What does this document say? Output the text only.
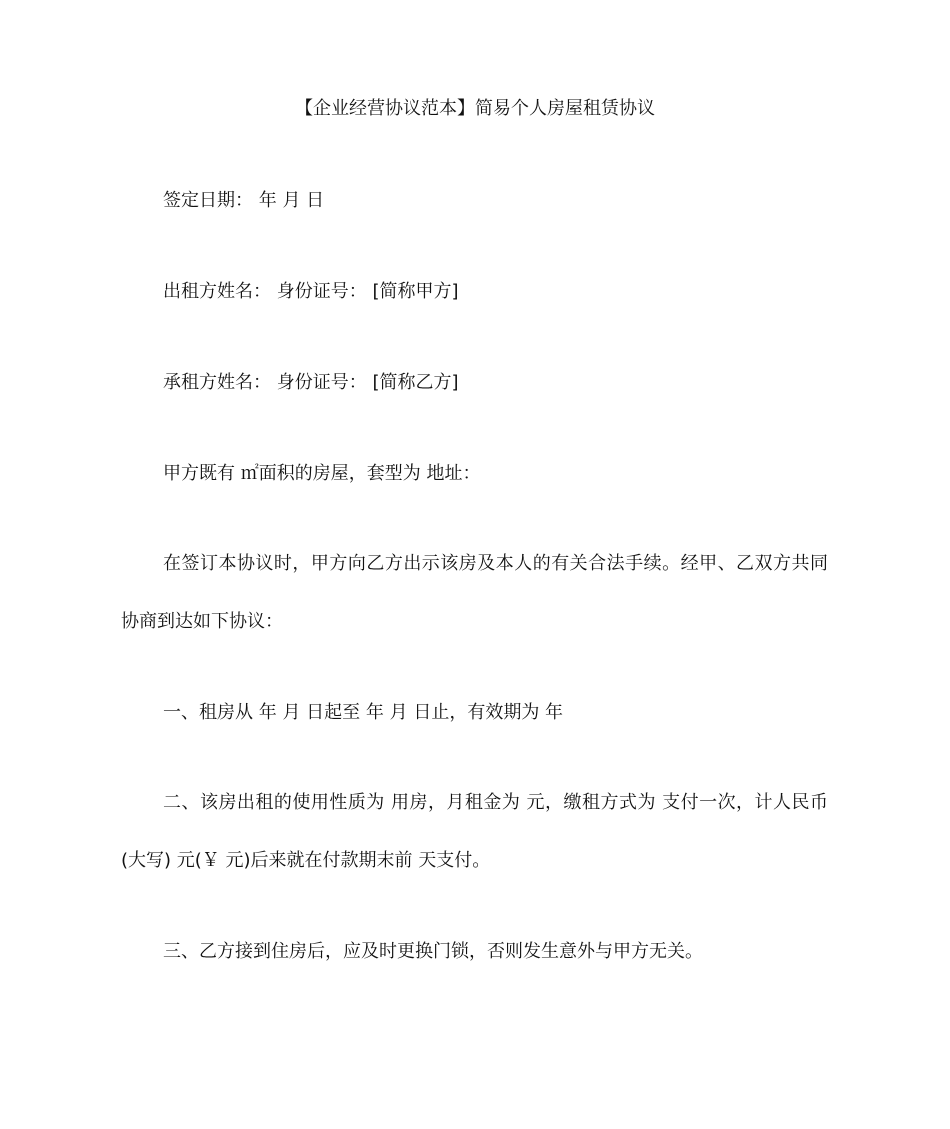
【企业经营协议范本】简易个人房屋租赁协议
签定日期： 年 月 日
出租方姓名： 身份证号： [简称甲方]
承租方姓名： 身份证号： [简称乙方]
甲方既有 ㎡面积的房屋，套型为 地址：
在签订本协议时，甲方向乙方出示该房及本人的有关合法手续。经甲、乙双方共同
协商到达如下协议：
一、租房从 年 月 日起至 年 月 日止，有效期为 年
二、该房出租的使用性质为 用房，月租金为 元，缴租方式为 支付一次，计人民币
(大写) 元(￥ 元)后来就在付款期末前 天支付。
三、乙方接到住房后，应及时更换门锁，否则发生意外与甲方无关。
